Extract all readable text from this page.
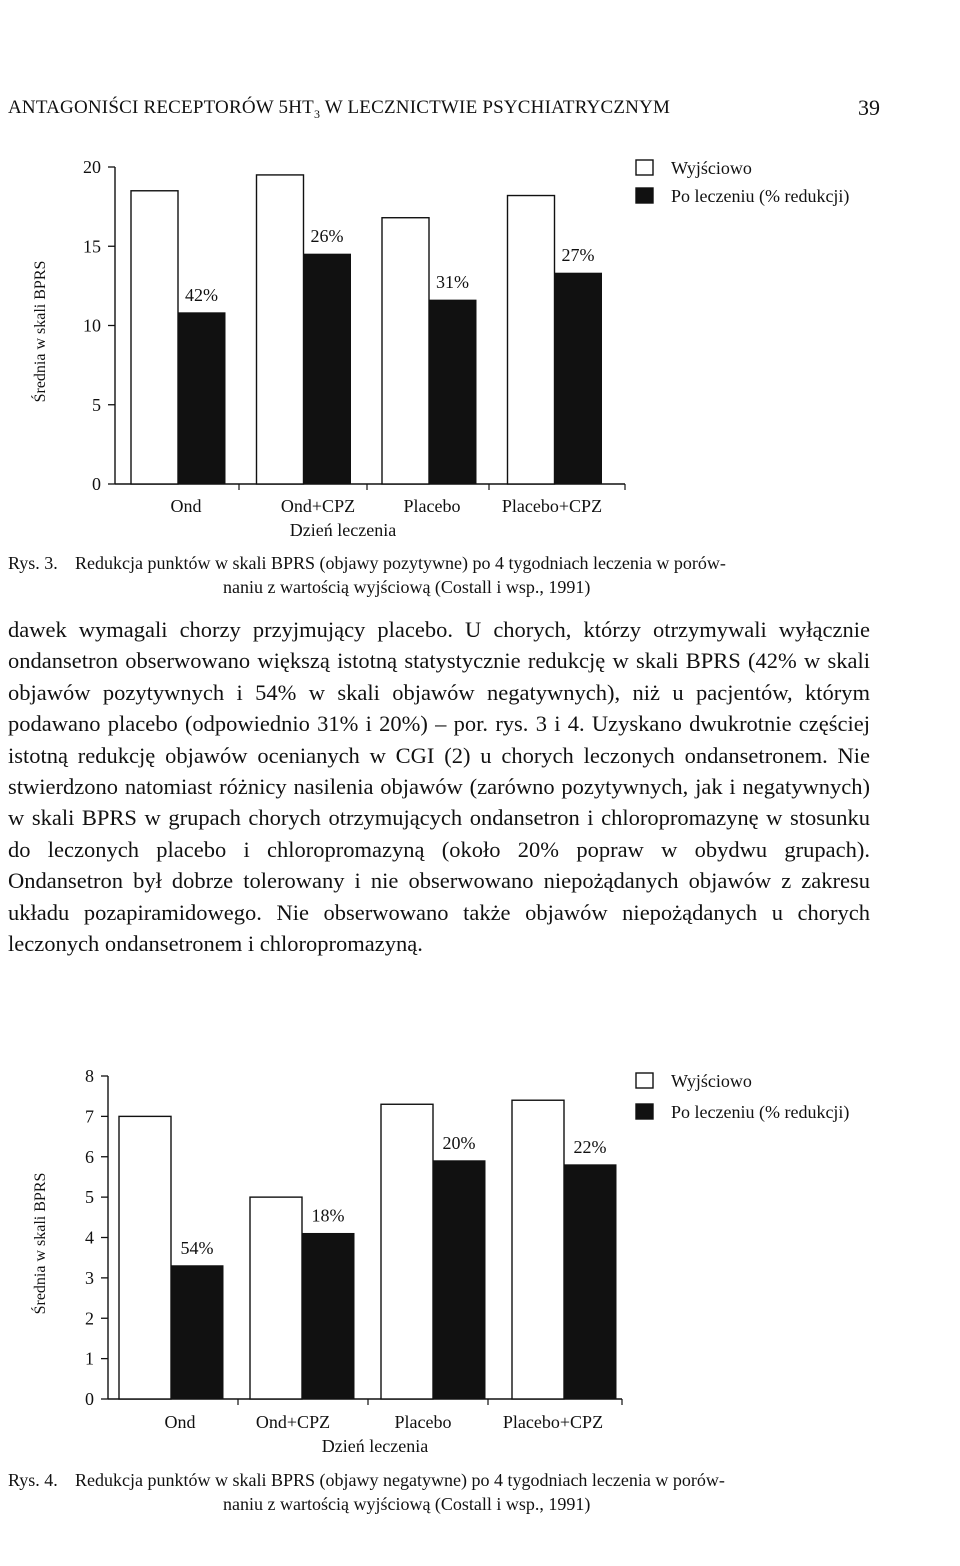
ANTAGONIŚCI RECEPTORÓW $5HT_3$ W LECZNICTWIE PSYCHIATRYCZNYM	39
0
5
10
15
20
Średnia w skali BPRS	42%
Ond
26%
Ond+CPZ
31%
Placebo
27%
Placebo+CPZ
Dzień leczenia
Wyjściowo
Po leczeniu (% redukcji)
Rys. 3. Redukcja punktów w skali BPRS (objawy pozytywne) po 4 tygodniach leczenia w porów-
naniu z wartością wyjściową (Costall i wsp., 1991)

dawek wymagali chorzy przyjmujący placebo. U chorych, którzy otrzymywali wyłącznie ondansetron obserwowano większą istotną statystycznie redukcję w skali BPRS (42% w skali objawów pozytywnych i 54% w skali objawów negatywnych), niż u pacjentów, którym podawano placebo (odpowiednio 31% i 20%) – por. rys. 3 i 4. Uzyskano dwukrotnie częściej istotną redukcję objawów ocenianych w CGI (2) u chorych leczonych ondansetronem. Nie stwierdzono natomiast różnicy nasilenia objawów (zarówno pozytywnych, jak i negatywnych) w skali BPRS w grupach chorych otrzymujących ondansetron i chloropromazynę w stosunku do leczonych placebo i chloropromazyną (około 20% popraw w obydwu grupach). Ondansetron był dobrze tolerowany i nie obserwowano niepożądanych objawów z zakresu układu pozapiramidowego. Nie obserwowano także objawów niepożądanych u chorych leczonych ondansetronem i chloropromazyną.

0
1
2
3
4
5
6
7
8
Średnia w skali BPRS	54%
Ond
18%
Ond+CPZ
20%
Placebo
22%
Placebo+CPZ
Dzień leczenia
Wyjściowo
Po leczeniu (% redukcji)
Rys. 4. Redukcja punktów w skali BPRS (objawy negatywne) po 4 tygodniach leczenia w porów-
naniu z wartością wyjściową (Costall i wsp., 1991)
